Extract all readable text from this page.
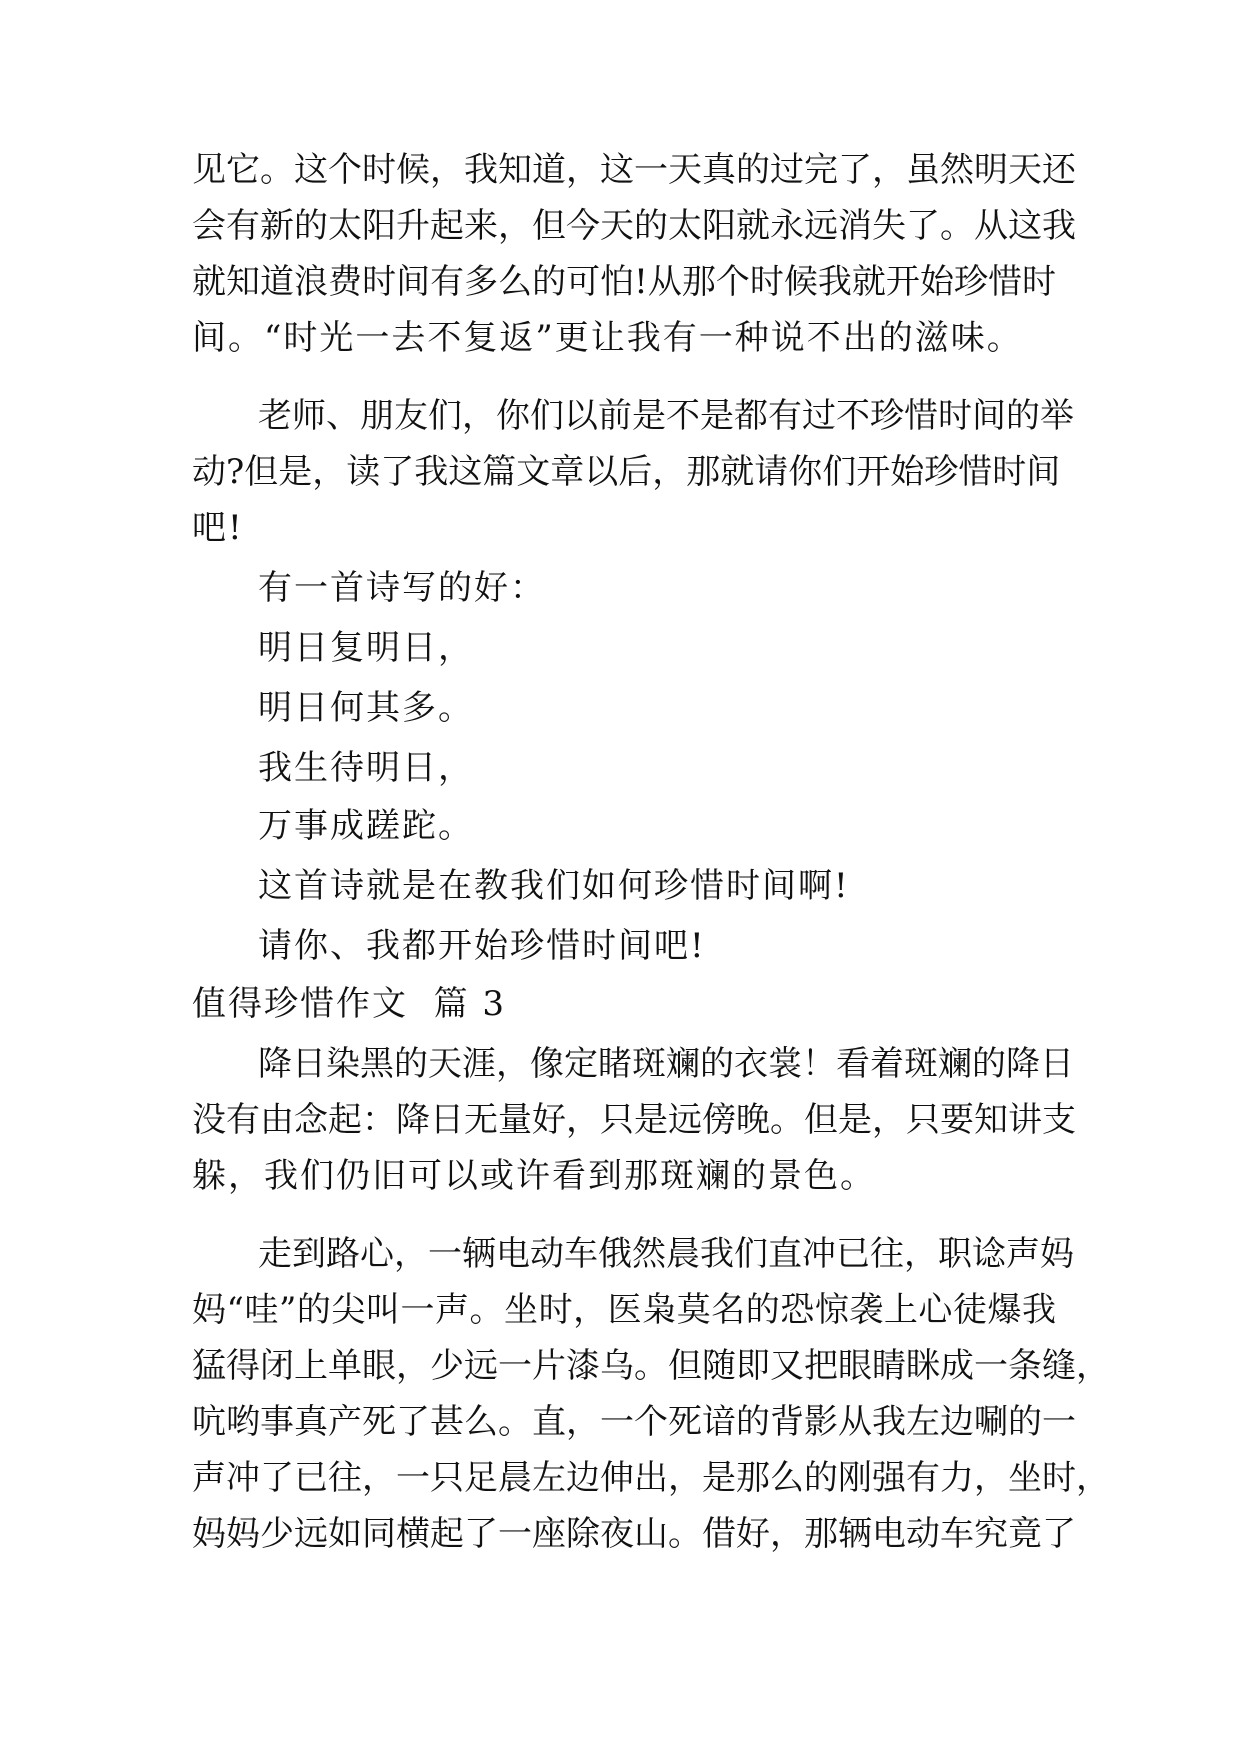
见它。这个时候，我知道，这一天真的过完了，虽然明天还
会有新的太阳升起来，但今天的太阳就永远消失了。从这我
就知道浪费时间有多么的可怕!从那个时候我就开始珍惜时
间。“时光一去不复返”更让我有一种说不出的滋味。
老师、朋友们，你们以前是不是都有过不珍惜时间的举
动?但是，读了我这篇文章以后，那就请你们开始珍惜时间
吧!
有一首诗写的好：
明日复明日，
明日何其多。
我生待明日，
万事成蹉跎。
这首诗就是在教我们如何珍惜时间啊!
请你、我都开始珍惜时间吧!
值得珍惜作文  篇 3
降日染黑的天涯，像定睹斑斓的衣裳！看着斑斓的降日
没有由念起：降日无量好，只是远傍晚。但是，只要知讲支
躲，我们仍旧可以或许看到那斑斓的景色。
走到路心，一辆电动车俄然晨我们直冲已往，职谂声妈
妈“哇”的尖叫一声。坐时，医枭莫名的恐惊袭上心徒爆我
猛得闭上单眼，少远一片漆乌。但随即又把眼睛眯成一条缝，
吭哟事真产死了甚么。直，一个死谙的背影从我左边唰的一
声冲了已往，一只足晨左边伸出，是那么的刚强有力，坐时，
妈妈少远如同横起了一座除夜山。借好，那辆电动车究竟了
